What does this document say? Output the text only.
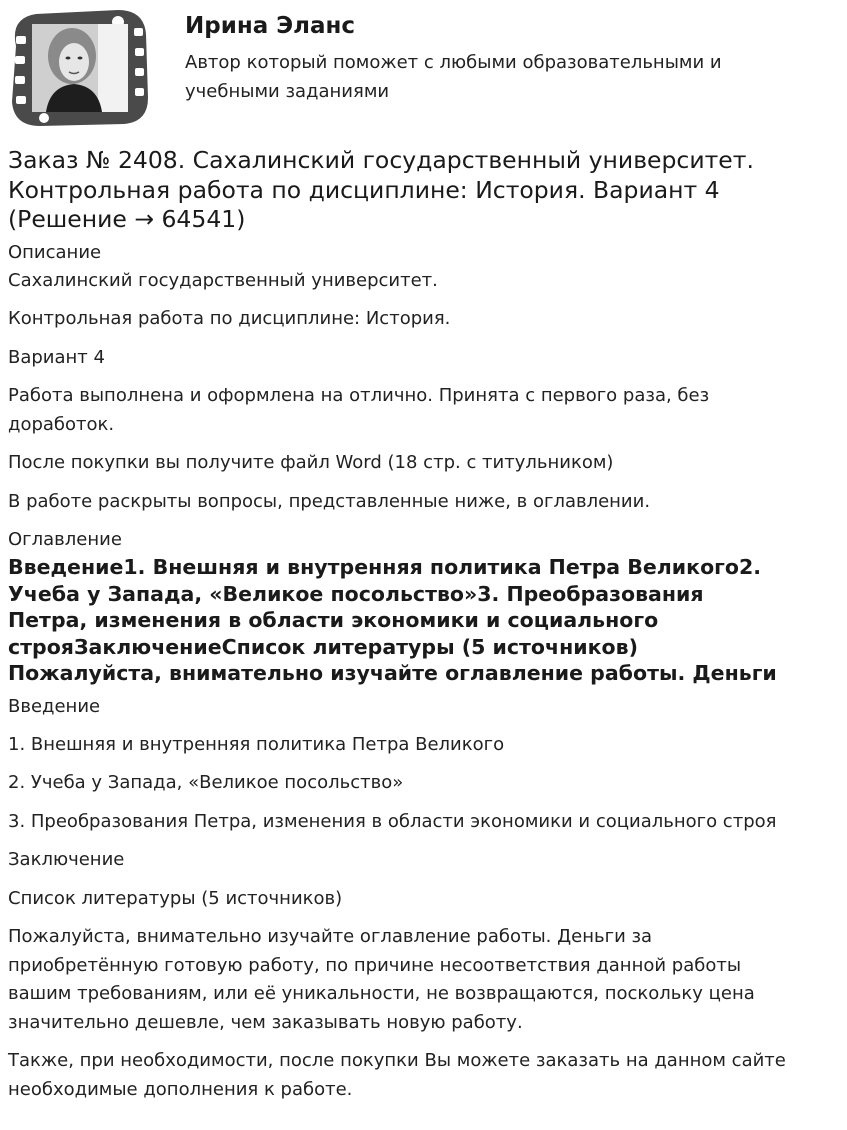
Ирина Эланс

Автор который поможет с любыми образовательными и
учебными заданиями
Заказ № 2408. Сахалинский государственный университет.
Контрольная работа по дисциплине: История. Вариант 4
(Решение → 64541)

Описание

Сахалинский государственный университет.

Контрольная работа по дисциплине: История.

Вариант 4

Работа выполнена и оформлена на отлично. Принята с первого раза, без
доработок.

После покупки вы получите файл Word (18 стр. с титульником)

В работе раскрыты вопросы, представленные ниже, в оглавлении.

Оглавление

Введение1. Внешняя и внутренняя политика Петра Великого2.
Учеба у Запада, «Великое посольство»3. Преобразования
Петра, изменения в области экономики и социального
строяЗаключениеСписок литературы (5 источников)
Пожалуйста, внимательно изучайте оглавление работы. Деньги

Введение

1. Внешняя и внутренняя политика Петра Великого

2. Учеба у Запада, «Великое посольство»

3. Преобразования Петра, изменения в области экономики и социального строя

Заключение

Список литературы (5 источников)

Пожалуйста, внимательно изучайте оглавление работы. Деньги за
приобретённую готовую работу, по причине несоответствия данной работы
вашим требованиям, или её уникальности, не возвращаются, поскольку цена
значительно дешевле, чем заказывать новую работу.

Также, при необходимости, после покупки Вы можете заказать на данном сайте
необходимые дополнения к работе.
